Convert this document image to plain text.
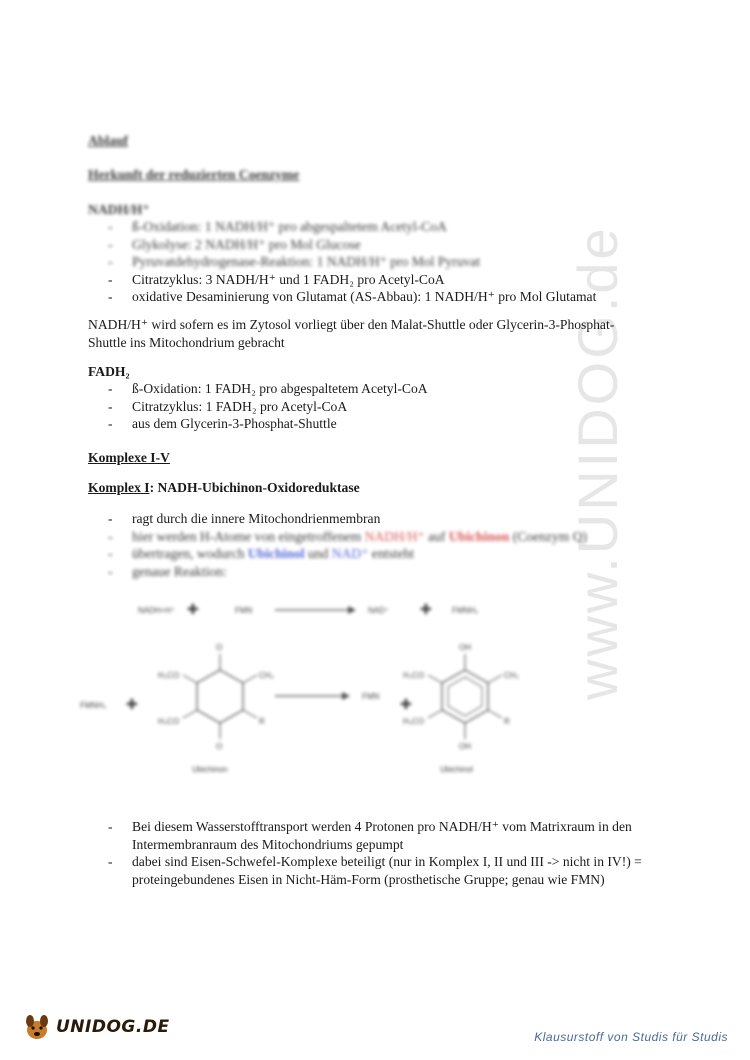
www.UNIDOG.de
Ablauf
Herkunft der reduzierten Coenzyme
NADH/H⁺
- ß-Oxidation: 1 NADH/H⁺ pro abgespaltetem Acetyl-CoA
- Glykolyse: 2 NADH/H⁺ pro Mol Glucose
- Pyruvatdehydrogenase-Reaktion: 1 NADH/H⁺ pro Mol Pyruvat
- Citratzyklus: 3 NADH/H⁺ und 1 FADH₂ pro Acetyl-CoA
- oxidative Desaminierung von Glutamat (AS-Abbau): 1 NADH/H⁺ pro Mol Glutamat
NADH/H⁺ wird sofern es im Zytosol vorliegt über den Malat-Shuttle oder Glycerin-3-Phosphat-Shuttle ins Mitochondrium gebracht
FADH₂
- ß-Oxidation: 1 FADH₂ pro abgespaltetem Acetyl-CoA
- Citratzyklus: 1 FADH₂ pro Acetyl-CoA
- aus dem Glycerin-3-Phosphat-Shuttle
Komplexe I-V
Komplex I: NADH-Ubichinon-Oxidoreduktase
- ragt durch die innere Mitochondrienmembran
- hier werden H-Atome von eingetroffenem NADH/H⁺ auf Ubichinon (Coenzym Q)
- übertragen, wodurch Ubichinol und NAD⁺ entsteht
- genaue Reaktion:
NADH+H⁺ ✚	FMN	NAD⁺ ✚	FMNH₂
FMNH₂ ✚
O
O
H₃CO
H₃CO
CH₃
R
Ubichinon
FMN ✚
OH
OH
H₃CO
H₃CO
CH₃
R
Ubichinol
- Bei diesem Wasserstofftransport werden 4 Protonen pro NADH/H⁺ vom Matrixraum in den Intermembranraum des Mitochondriums gepumpt
- dabei sind Eisen-Schwefel-Komplexe beteiligt (nur in Komplex I, II und III -> nicht in IV!) = proteingebundenes Eisen in Nicht-Häm-Form (prosthetische Gruppe; genau wie FMN)
UNIDOG.DE	Klausurstoff von Studis für Studis
